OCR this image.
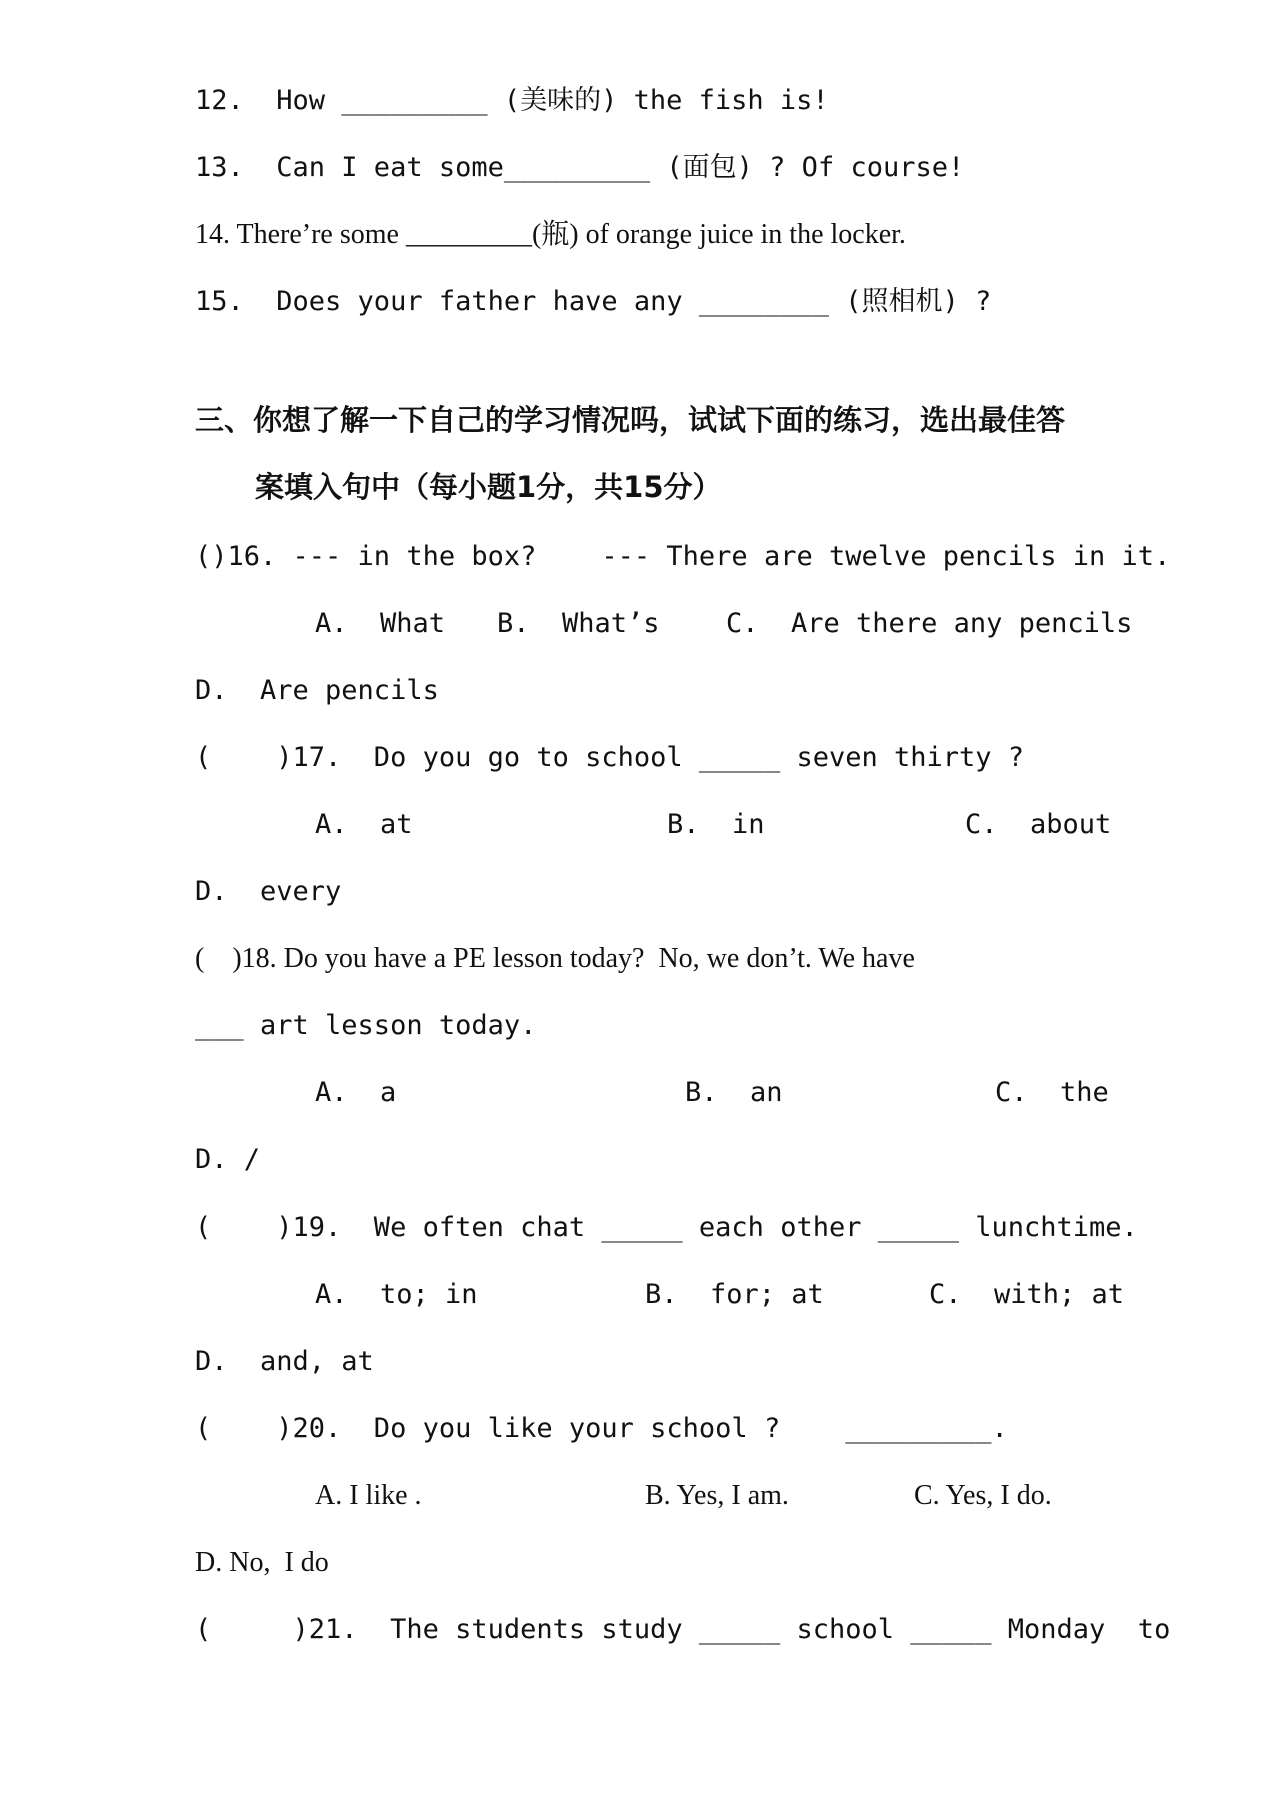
12.  How _________ (美味的) the fish is!
13.  Can I eat some_________ (面包) ? Of course!
14. There’re some _________(瓶) of orange juice in the locker.
15.  Does your father have any ________ (照相机) ?
三、你想了解一下自己的学习情况吗，试试下面的练习，选出最佳答
案填入句中（每小题1分，共15分）
()16. --- in the box?    --- There are twelve pencils in it.
A.  What B.  What’s C.  Are there any pencils
D.  Are pencils
(    )17.  Do you go to school _____ seven thirty ?
A.  at	B.  in	C.  about
D.  every
(    )18. Do you have a PE lesson today?  No, we don’t. We have
___ art lesson today.
A.  a	B.  an	C.  the
D. /
(    )19.  We often chat _____ each other _____ lunchtime.
A.  to; in	B.  for; at	C.  with; at
D.  and, at
(    )20.  Do you like your school ?    _________.
A. I like .	B. Yes, I am.	C. Yes, I do.
D. No,  I do
(     )21.  The students study _____ school _____ Monday  to
